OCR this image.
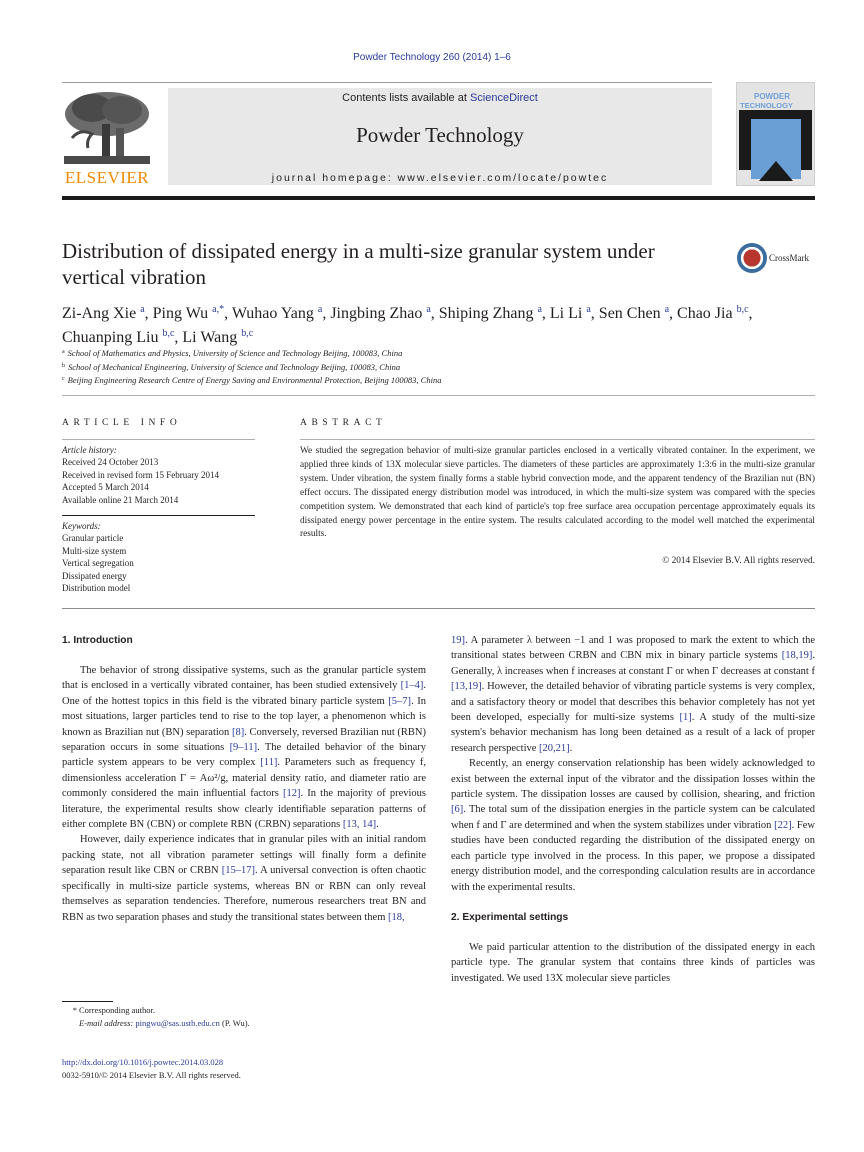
Powder Technology 260 (2014) 1–6
ELSEVIER
Contents lists available at ScienceDirect
Powder Technology
journal homepage: www.elsevier.com/locate/powtec
POWDER
TECHNOLOGY
Distribution of dissipated energy in a multi-size granular system under vertical vibration
CrossMark
Zi-Ang Xie $^a$, Ping Wu $^{a,*}$, Wuhao Yang $^a$, Jingbing Zhao $^a$, Shiping Zhang $^a$, Li Li $^a$, Sen Chen $^a$, Chao Jia $^{b,c}$,
Chuanping Liu $^{b,c}$, Li Wang $^{b,c}$
$^a$ School of Mathematics and Physics, University of Science and Technology Beijing, 100083, China
$^b$ School of Mechanical Engineering, University of Science and Technology Beijing, 100083, China
$^c$ Beijing Engineering Research Centre of Energy Saving and Environmental Protection, Beijing 100083, China
ARTICLE INFO
Article history:
Received 24 October 2013
Received in revised form 15 February 2014
Accepted 5 March 2014
Available online 21 March 2014
Keywords:
Granular particle
Multi-size system
Vertical segregation
Dissipated energy
Distribution model
ABSTRACT
We studied the segregation behavior of multi-size granular particles enclosed in a vertically vibrated container. In the experiment, we applied three kinds of 13X molecular sieve particles. The diameters of these particles are approximately 1:3:6 in the multi-size granular system. Under vibration, the system finally forms a stable hybrid convection mode, and the apparent tendency of the Brazilian nut (BN) effect occurs. The dissipated energy distribution model was introduced, in which the multi-size system was compared with the species competition system. We demonstrated that each kind of particle's top free surface area occupation percentage approximately equals its dissipated energy power percentage in the entire system. The results calculated according to the model well matched the experimental results.
© 2014 Elsevier B.V. All rights reserved.
1. Introduction

The behavior of strong dissipative systems, such as the granular particle system that is enclosed in a vertically vibrated container, has been studied extensively [1–4]. One of the hottest topics in this field is the vibrated binary particle system [5–7]. In most situations, larger particles tend to rise to the top layer, a phenomenon which is known as Brazilian nut (BN) separation [8]. Conversely, reversed Brazilian nut (RBN) separation occurs in some situations [9–11]. The detailed behavior of the binary particle system appears to be very complex [11]. Parameters such as frequency f, dimensionless acceleration Γ = Aω²/g, material density ratio, and diameter ratio are commonly considered the main influential factors [12]. In the majority of previous literature, the experimental results show clearly identifiable separation patterns of either complete BN (CBN) or complete RBN (CRBN) separations [13, 14].

However, daily experience indicates that in granular piles with an initial random packing state, not all vibration parameter settings will finally form a definite separation result like CBN or CRBN [15–17]. A universal convection is often chaotic specifically in multi-size particle systems, whereas BN or RBN can only reveal themselves as separation tendencies. Therefore, numerous researchers treat BN and RBN as two separation phases and study the transitional states between them [18,

19]. A parameter λ between −1 and 1 was proposed to mark the extent to which the transitional states between CRBN and CBN mix in binary particle systems [18,19]. Generally, λ increases when f increases at constant Γ or when Γ decreases at constant f [13,19]. However, the detailed behavior of vibrating particle systems is very complex, and a satisfactory theory or model that describes this behavior completely has not yet been developed, especially for multi-size systems [1]. A study of the multi-size system's behavior mechanism has long been detained as a result of a lack of proper research perspective [20,21].

Recently, an energy conservation relationship has been widely acknowledged to exist between the external input of the vibrator and the dissipation losses within the particle system. The dissipation losses are caused by collision, shearing, and friction [6]. The total sum of the dissipation energies in the particle system can be calculated when f and Γ are determined and when the system stabilizes under vibration [22]. Few studies have been conducted regarding the distribution of the dissipated energy on each particle type involved in the process. In this paper, we propose a dissipated energy distribution model, and the corresponding calculation results are in accordance with the experimental results.

2. Experimental settings

We paid particular attention to the distribution of the dissipated energy in each particle type. The granular system that contains three kinds of particles was investigated. We used 13X molecular sieve particles

* Corresponding author.
E-mail address: pingwu@sas.ustb.edu.cn (P. Wu).
http://dx.doi.org/10.1016/j.powtec.2014.03.028
0032-5910/© 2014 Elsevier B.V. All rights reserved.
